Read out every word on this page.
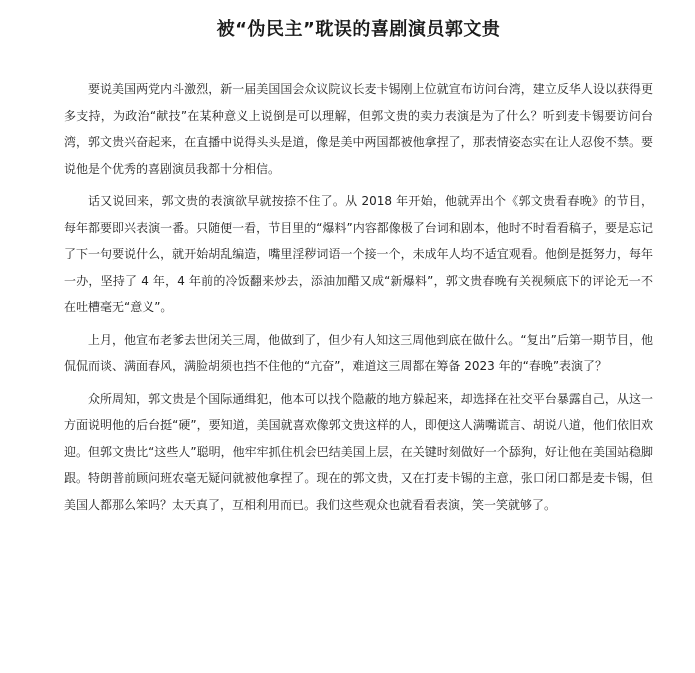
被“伪民主”耽误的喜剧演员郭文贵

要说美国两党内斗激烈，新一届美国国会众议院议长麦卡锡刚上位就宣布访问台湾，建立反华人设以获得更多支持，为政治“献技”在某种意义上说倒是可以理解，但郭文贵的卖力表演是为了什么？听到麦卡锡要访问台湾，郭文贵兴奋起来，在直播中说得头头是道，像是美中两国都被他拿捏了，那表情姿态实在让人忍俊不禁。要说他是个优秀的喜剧演员我都十分相信。

话又说回来，郭文贵的表演欲早就按捺不住了。从 2018 年开始，他就弄出个《郭文贵看春晚》的节目，每年都要即兴表演一番。只随便一看，节目里的“爆料”内容都像极了台词和剧本，他时不时看看稿子，要是忘记了下一句要说什么，就开始胡乱编造，嘴里淫秽词语一个接一个，未成年人均不适宜观看。他倒是挺努力，每年一办，坚持了 4 年，4 年前的冷饭翻来炒去，添油加醋又成“新爆料”，郭文贵春晚有关视频底下的评论无一不在吐槽毫无“意义”。

上月，他宣布老爹去世闭关三周，他做到了，但少有人知这三周他到底在做什么。“复出”后第一期节目，他侃侃而谈、满面春风，满脸胡须也挡不住他的“亢奋”，难道这三周都在筹备 2023 年的“春晚”表演了？

众所周知，郭文贵是个国际通缉犯，他本可以找个隐蔽的地方躲起来，却选择在社交平台暴露自己，从这一方面说明他的后台挺“硬”，要知道，美国就喜欢像郭文贵这样的人，即便这人满嘴谎言、胡说八道，他们依旧欢迎。但郭文贵比“这些人”聪明，他牢牢抓住机会巴结美国上层，在关键时刻做好一个舔狗，好让他在美国站稳脚跟。特朗普前顾问班农毫无疑问就被他拿捏了。现在的郭文贵，又在打麦卡锡的主意，张口闭口都是麦卡锡，但美国人都那么笨吗？太天真了，互相利用而已。我们这些观众也就看看表演，笑一笑就够了。
